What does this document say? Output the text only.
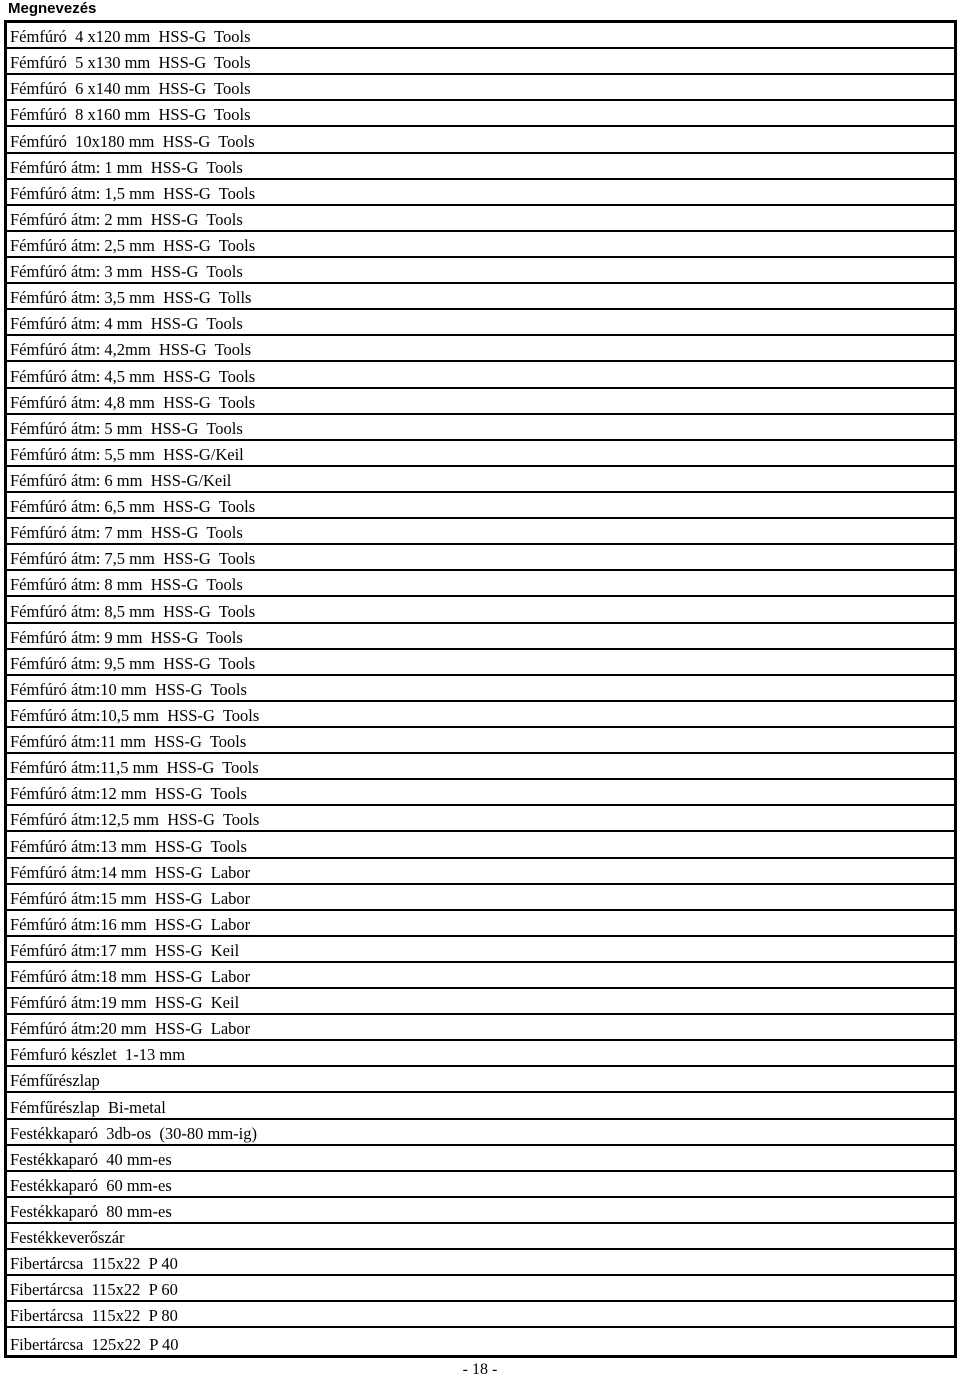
Megnevezés
Fémfúró  4 x120 mm  HSS-G  Tools
Fémfúró  5 x130 mm  HSS-G  Tools
Fémfúró  6 x140 mm  HSS-G  Tools
Fémfúró  8 x160 mm  HSS-G  Tools
Fémfúró  10x180 mm  HSS-G  Tools
Fémfúró átm: 1 mm  HSS-G  Tools
Fémfúró átm: 1,5 mm  HSS-G  Tools
Fémfúró átm: 2 mm  HSS-G  Tools
Fémfúró átm: 2,5 mm  HSS-G  Tools
Fémfúró átm: 3 mm  HSS-G  Tools
Fémfúró átm: 3,5 mm  HSS-G  Tolls
Fémfúró átm: 4 mm  HSS-G  Tools
Fémfúró átm: 4,2mm  HSS-G  Tools
Fémfúró átm: 4,5 mm  HSS-G  Tools
Fémfúró átm: 4,8 mm  HSS-G  Tools
Fémfúró átm: 5 mm  HSS-G  Tools
Fémfúró átm: 5,5 mm  HSS-G/Keil
Fémfúró átm: 6 mm  HSS-G/Keil
Fémfúró átm: 6,5 mm  HSS-G  Tools
Fémfúró átm: 7 mm  HSS-G  Tools
Fémfúró átm: 7,5 mm  HSS-G  Tools
Fémfúró átm: 8 mm  HSS-G  Tools
Fémfúró átm: 8,5 mm  HSS-G  Tools
Fémfúró átm: 9 mm  HSS-G  Tools
Fémfúró átm: 9,5 mm  HSS-G  Tools
Fémfúró átm:10 mm  HSS-G  Tools
Fémfúró átm:10,5 mm  HSS-G  Tools
Fémfúró átm:11 mm  HSS-G  Tools
Fémfúró átm:11,5 mm  HSS-G  Tools
Fémfúró átm:12 mm  HSS-G  Tools
Fémfúró átm:12,5 mm  HSS-G  Tools
Fémfúró átm:13 mm  HSS-G  Tools
Fémfúró átm:14 mm  HSS-G  Labor
Fémfúró átm:15 mm  HSS-G  Labor
Fémfúró átm:16 mm  HSS-G  Labor
Fémfúró átm:17 mm  HSS-G  Keil
Fémfúró átm:18 mm  HSS-G  Labor
Fémfúró átm:19 mm  HSS-G  Keil
Fémfúró átm:20 mm  HSS-G  Labor
Fémfuró készlet  1-13 mm
Fémfűrészlap
Fémfűrészlap  Bi-metal
Festékkaparó  3db-os  (30-80 mm-ig)
Festékkaparó  40 mm-es
Festékkaparó  60 mm-es
Festékkaparó  80 mm-es
Festékkeverőszár
Fibertárcsa  115x22  P 40
Fibertárcsa  115x22  P 60
Fibertárcsa  115x22  P 80
Fibertárcsa  125x22  P 40
- 18 -
